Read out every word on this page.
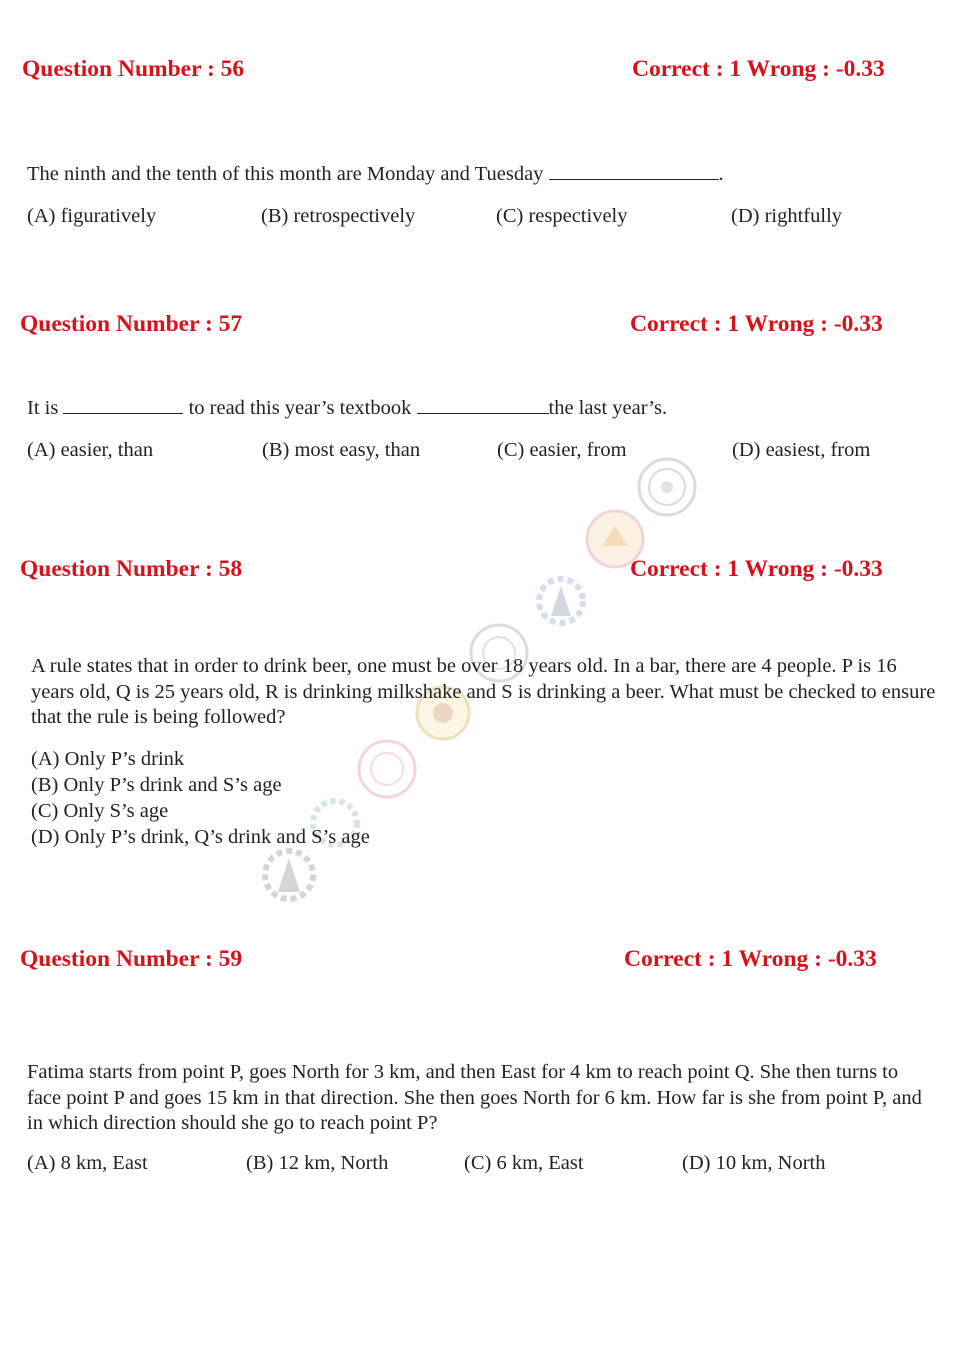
Question Number : 56	Correct : 1 Wrong : -0.33
The ninth and the tenth of this month are Monday and Tuesday	.
(A) figuratively	(B) retrospectively	(C) respectively	(D) rightfully
Question Number : 57	Correct : 1 Wrong : -0.33
It is	to read this year’s textbook	the last year’s.
(A) easier, than	(B) most easy, than	(C) easier, from	(D) easiest, from
Question Number : 58	Correct : 1 Wrong : -0.33
A rule states that in order to drink beer, one must be over 18 years old. In a bar, there are 4 people. P is 16 years old, Q is 25 years old, R is drinking milkshake and S is drinking a beer. What must be checked to ensure that the rule is being followed?
(A) Only P’s drink
(B) Only P’s drink and S’s age
(C) Only S’s age
(D) Only P’s drink, Q’s drink and S’s age
Question Number : 59	Correct : 1 Wrong : -0.33
Fatima starts from point P, goes North for 3 km, and then East for 4 km to reach point Q. She then turns to face point P and goes 15 km in that direction. She then goes North for 6 km. How far is she from point P, and in which direction should she go to reach point P?
(A) 8 km, East	(B) 12 km, North	(C) 6 km, East	(D) 10 km, North
